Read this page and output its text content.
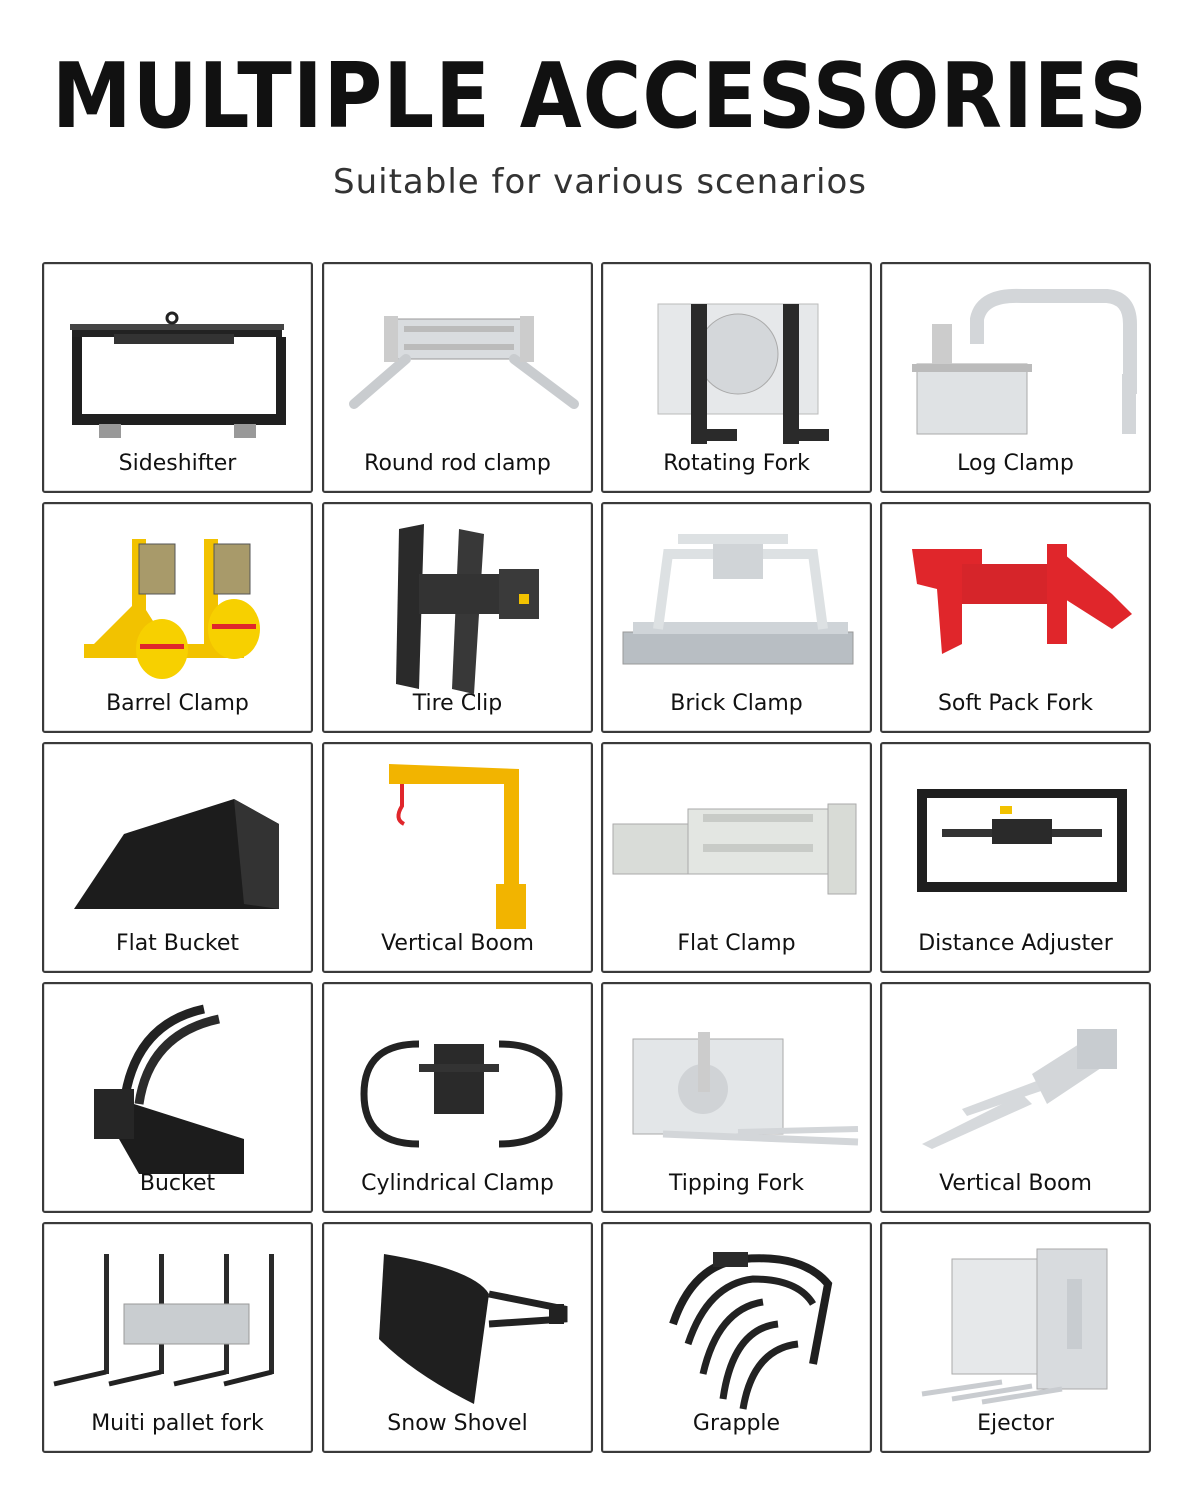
MULTIPLE ACCESSORIES
Suitable for various scenarios
Sideshifter	Round rod clamp	Rotating Fork	Log Clamp
Barrel Clamp	Tire Clip	Brick Clamp	Soft Pack Fork
Flat Bucket	Vertical Boom	Flat Clamp	Distance Adjuster
Bucket	Cylindrical Clamp	Tipping Fork	Vertical Boom
Muiti pallet fork	Snow Shovel	Grapple	Ejector
